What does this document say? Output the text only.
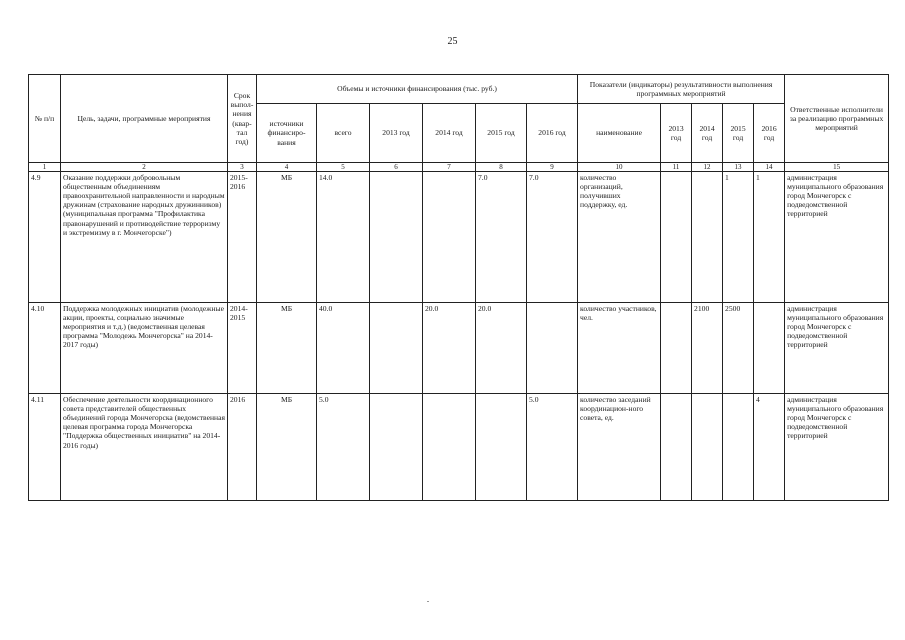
25
№ п/п	Цель, задачи, программные мероприятия	Срок выпол-нения (квар-тал год)	Объемы и источники финансирования (тыс. руб.)						Показатели (индикаторы) результативности выполнения программных мероприятий					Ответственные исполнители за реализацию программных мероприятий
			источники финансиро-вания	всего	2013 год	2014 год	2015 год	2016 год	наименование	2013 год	2014 год	2015 год	2016 год	
1	2	3	4	5	6	7	8	9	10	11	12	13	14	15
4.9	Оказание поддержки добровольным общественным объединениям правоохранительной направленности и народным дружинам (страхование народных дружинников) (муниципальная программа "Профилактика правонарушений и противодействие терроризму и экстремизму в г. Мончегорске")	2015-2016	МБ	14.0			7.0	7.0	количество организаций, получивших поддержку, ед.			1	1	администрация муниципального образования город Мончегорск с подведомственной территорией
4.10	Поддержка молодежных инициатив (молодежные акции, проекты, социально значимые мероприятия и т.д.) (ведомственная целевая программа "Молодежь Мончегорска" на 2014-2017 годы)	2014-2015	МБ	40.0		20.0	20.0		количество участников, чел.		2100	2500		администрация муниципального образования город Мончегорск с подведомственной территорией
4.11	Обеспечение деятельности координационного совета представителей общественных объединений города Мончегорска (ведомственная целевая программа города Мончегорска "Поддержка общественных инициатив" на 2014-2016 годы)	2016	МБ	5.0				5.0	количество заседаний координацион-ного совета, ед.				4	администрация муниципального образования город Мончегорск с подведомственной территорией
